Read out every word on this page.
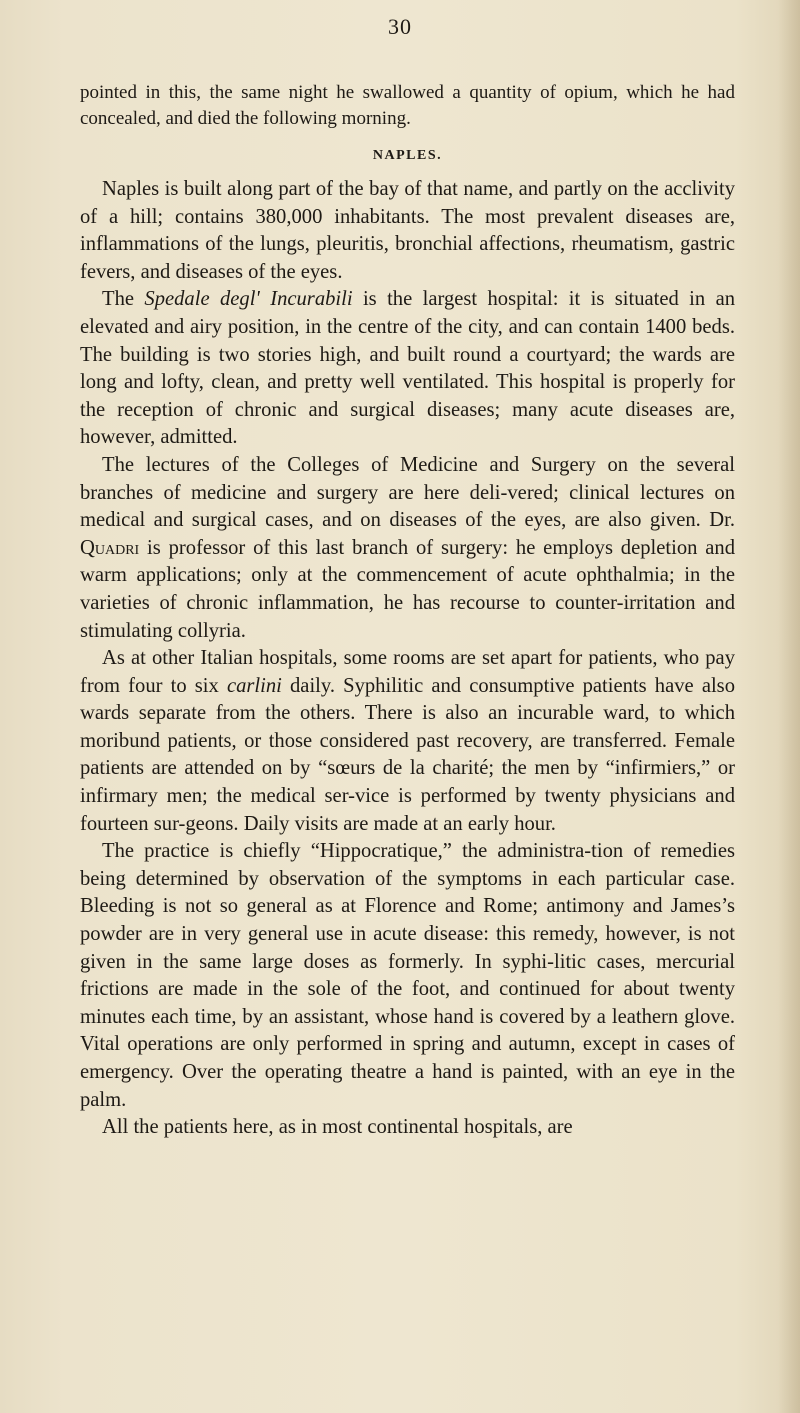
30

pointed in this, the same night he swallowed a quantity of opium, which he had concealed, and died the following morning.

NAPLES.

Naples is built along part of the bay of that name, and partly on the acclivity of a hill; contains 380,000 inhabitants. The most prevalent diseases are, inflammations of the lungs, pleuritis, bronchial affections, rheumatism, gastric fevers, and diseases of the eyes.

The Spedale degl' Incurabili is the largest hospital: it is situated in an elevated and airy position, in the centre of the city, and can contain 1400 beds. The building is two stories high, and built round a courtyard; the wards are long and lofty, clean, and pretty well ventilated. This hospital is properly for the reception of chronic and surgical diseases; many acute diseases are, however, admitted.

The lectures of the Colleges of Medicine and Surgery on the several branches of medicine and surgery are here deli-vered; clinical lectures on medical and surgical cases, and on diseases of the eyes, are also given. Dr. Quadri is professor of this last branch of surgery: he employs depletion and warm applications; only at the commencement of acute ophthalmia; in the varieties of chronic inflammation, he has recourse to counter-irritation and stimulating collyria.

As at other Italian hospitals, some rooms are set apart for patients, who pay from four to six carlini daily. Syphilitic and consumptive patients have also wards separate from the others. There is also an incurable ward, to which moribund patients, or those considered past recovery, are transferred. Female patients are attended on by “sœurs de la charité; the men by “infirmiers,” or infirmary men; the medical ser-vice is performed by twenty physicians and fourteen sur-geons. Daily visits are made at an early hour.

The practice is chiefly “Hippocratique,” the administra-tion of remedies being determined by observation of the symptoms in each particular case. Bleeding is not so general as at Florence and Rome; antimony and James’s powder are in very general use in acute disease: this remedy, however, is not given in the same large doses as formerly. In syphi-litic cases, mercurial frictions are made in the sole of the foot, and continued for about twenty minutes each time, by an assistant, whose hand is covered by a leathern glove. Vital operations are only performed in spring and autumn, except in cases of emergency. Over the operating theatre a hand is painted, with an eye in the palm.

All the patients here, as in most continental hospitals, are
